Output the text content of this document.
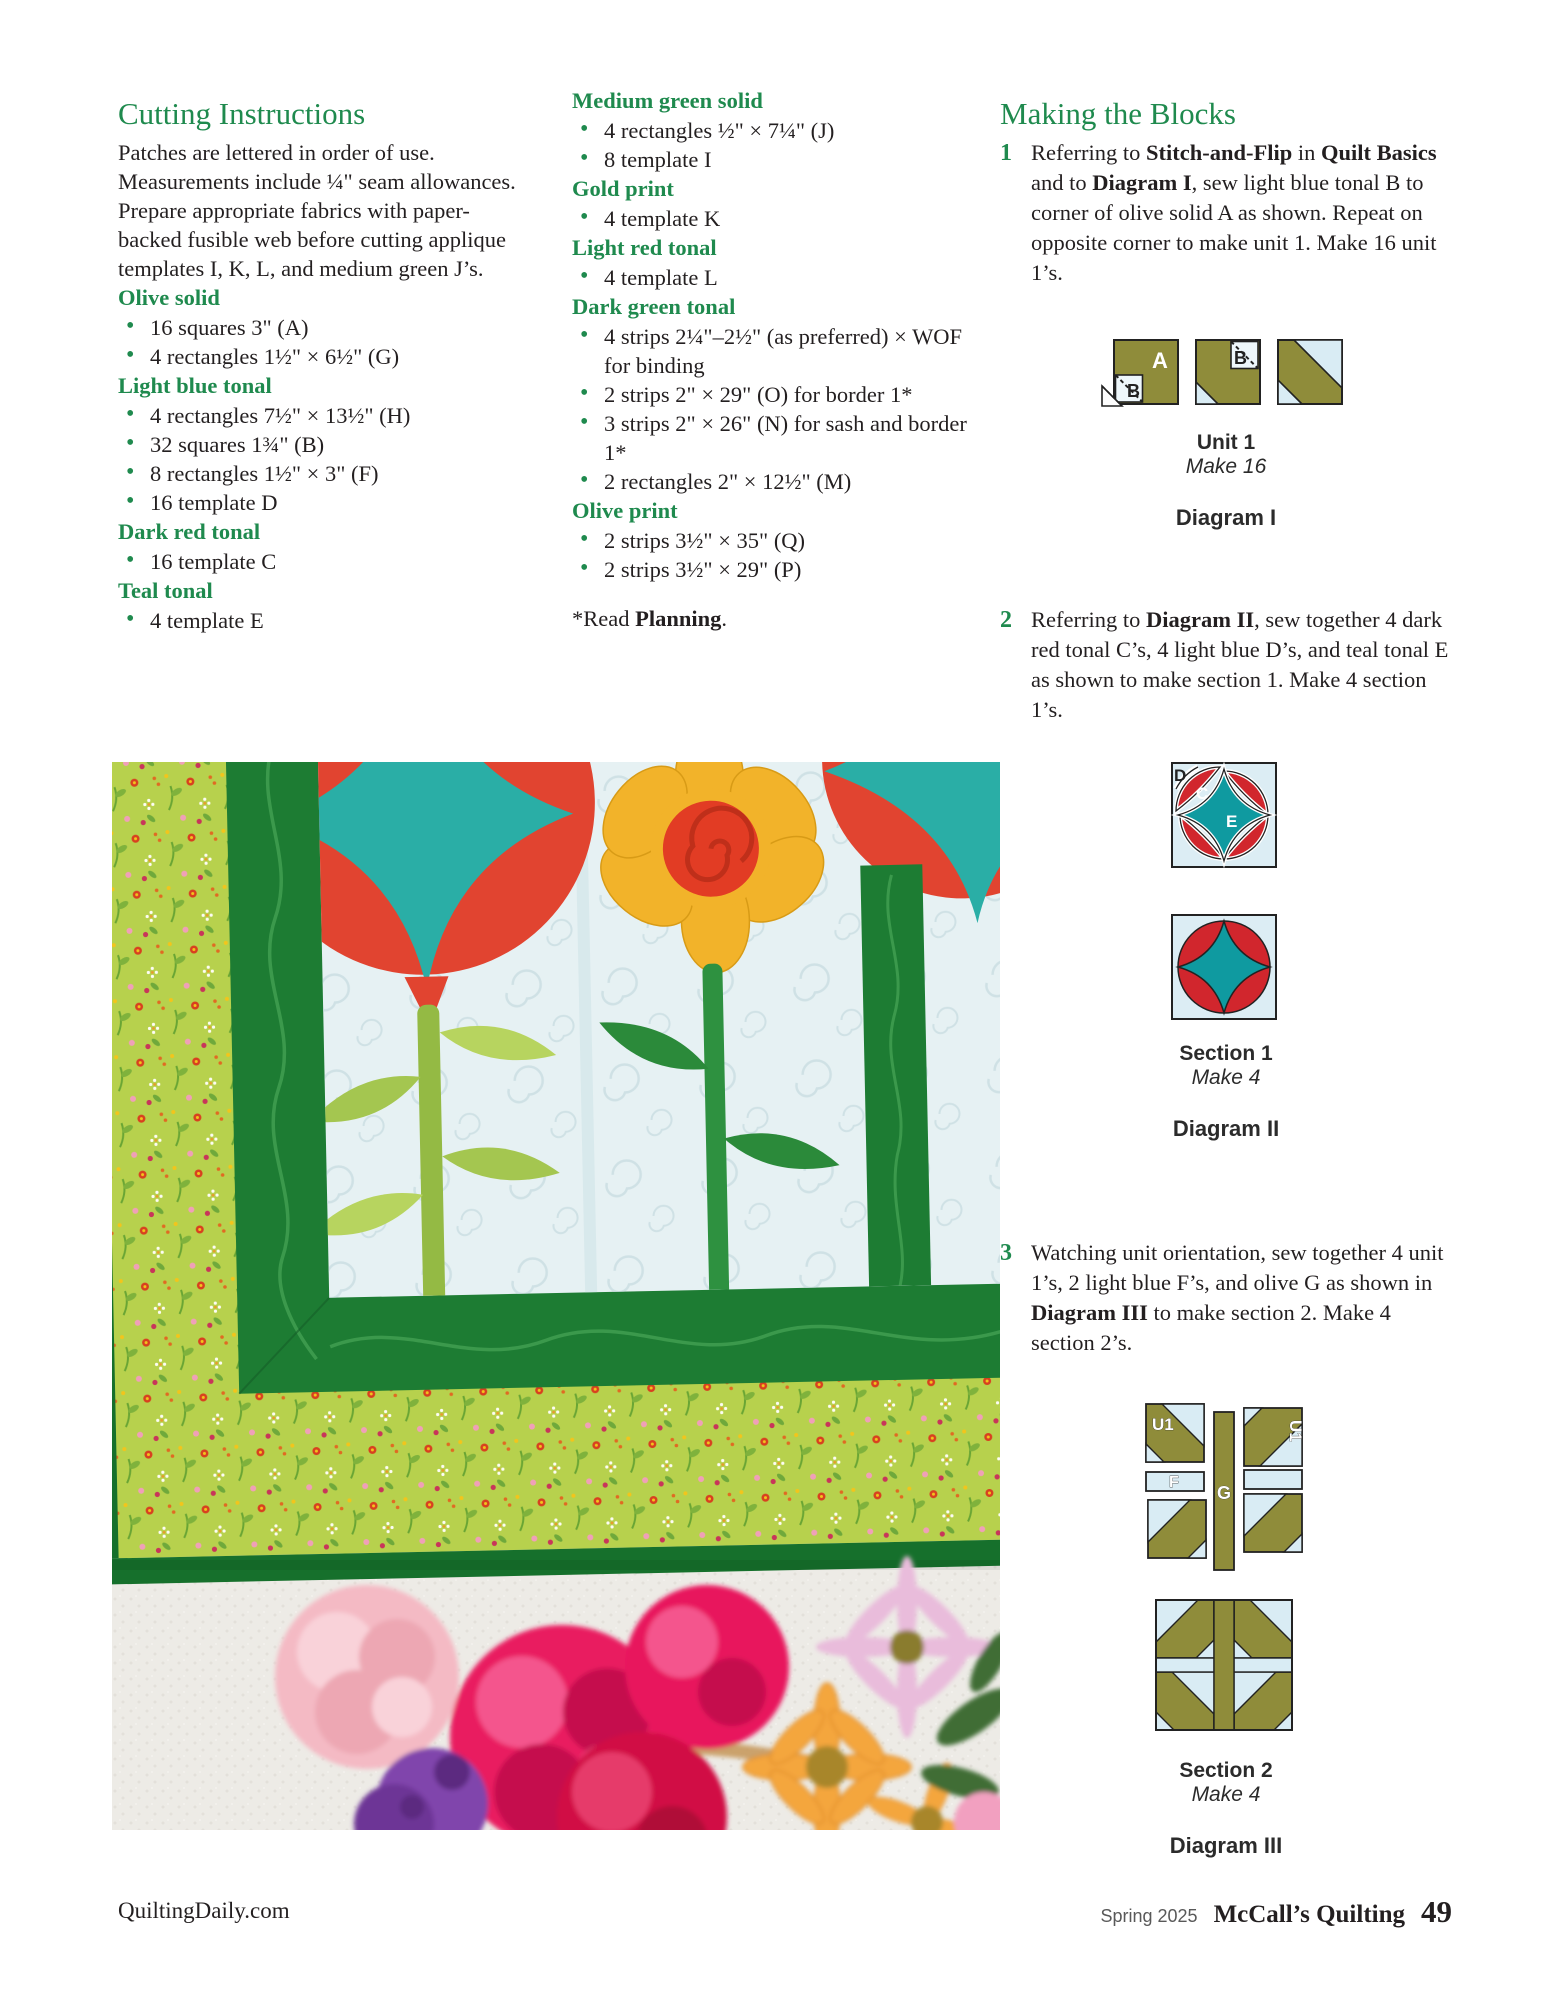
Cutting Instructions

Patches are lettered in order of use. Measurements include ¼" seam allowances. Prepare appropriate fabrics with paper-backed fusible web before cutting applique templates I, K, L, and medium green J’s.

Olive solid
• 16 squares 3" (A)
• 4 rectangles 1½" × 6½" (G)
Light blue tonal
• 4 rectangles 7½" × 13½" (H)
• 32 squares 1¾" (B)
• 8 rectangles 1½" × 3" (F)
• 16 template D
Dark red tonal
• 16 template C
Teal tonal
• 4 template E
Medium green solid
• 4 rectangles ½" × 7¼" (J)
• 8 template I
Gold print
• 4 template K
Light red tonal
• 4 template L
Dark green tonal
• 4 strips 2¼"–2½" (as preferred) × WOF for binding
• 2 strips 2" × 29" (O) for border 1*
• 3 strips 2" × 26" (N) for sash and border 1*
• 2 rectangles 2" × 12½" (M)
Olive print
• 2 strips 3½" × 35" (Q)
• 2 strips 3½" × 29" (P)

*Read Planning.

Making the Blocks
1 Referring to Stitch-and-Flip in Quilt Basics and to Diagram I, sew light blue tonal B to corner of olive solid A as shown. Repeat on opposite corner to make unit 1. Make 16 unit 1’s.

A
B
B
Unit 1
Make 16
Diagram I
2 Referring to Diagram II, sew together 4 dark red tonal C’s, 4 light blue D’s, and teal tonal E as shown to make section 1. Make 4 section 1’s.

D
C
E
Section 1
Make 4
Diagram II
3 Watching unit orientation, sew together 4 unit 1’s, 2 light blue F’s, and olive G as shown in Diagram III to make section 2. Make 4 section 2’s.

U1
F
G
U1
Section 2
Make 4
Diagram III
QuiltingDaily.com	Spring 2025 McCall’s Quilting 49
